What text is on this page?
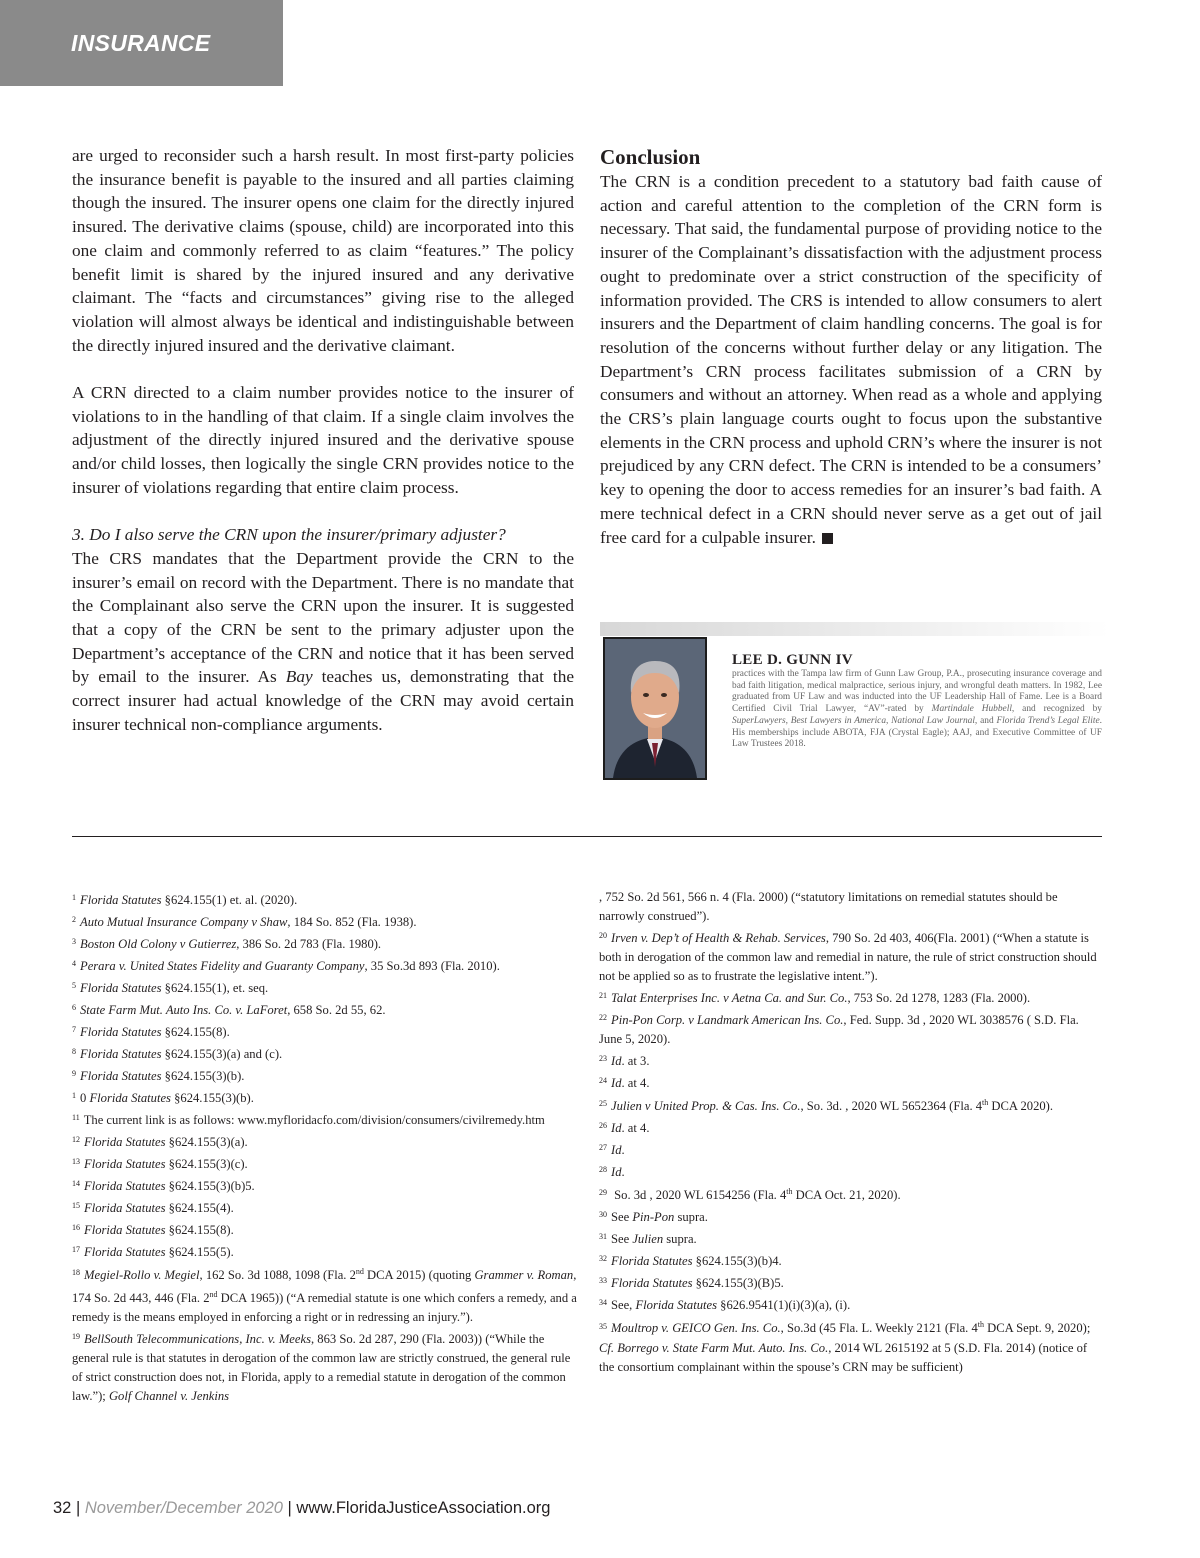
INSURANCE

are urged to reconsider such a harsh result. In most first-party policies the insurance benefit is payable to the insured and all parties claiming though the insured. The insurer opens one claim for the directly injured insured. The derivative claims (spouse, child) are incorporated into this one claim and commonly referred to as claim “features.” The policy benefit limit is shared by the injured insured and any derivative claimant. The “facts and circumstances” giving rise to the alleged violation will almost always be identical and indistinguishable between the directly injured insured and the derivative claimant.

A CRN directed to a claim number provides notice to the insurer of violations to in the handling of that claim. If a single claim involves the adjustment of the directly injured insured and the derivative spouse and/or child losses, then logically the single CRN provides notice to the insurer of violations regarding that entire claim process.

3. Do I also serve the CRN upon the insurer/primary adjuster?

The CRS mandates that the Department provide the CRN to the insurer’s email on record with the Department. There is no mandate that the Complainant also serve the CRN upon the insurer. It is suggested that a copy of the CRN be sent to the primary adjuster upon the Department’s acceptance of the CRN and notice that it has been served by email to the insurer. As Bay teaches us, demonstrating that the correct insurer had actual knowledge of the CRN may avoid certain insurer technical non-compliance arguments.

Conclusion

The CRN is a condition precedent to a statutory bad faith cause of action and careful attention to the completion of the CRN form is necessary. That said, the fundamental purpose of providing notice to the insurer of the Complainant’s dissatisfaction with the adjustment process ought to predominate over a strict construction of the specificity of information provided. The CRS is intended to allow consumers to alert insurers and the Department of claim handling concerns. The goal is for resolution of the concerns without further delay or any litigation. The Department’s CRN process facilitates submission of a CRN by consumers and without an attorney. When read as a whole and applying the CRS’s plain language courts ought to focus upon the substantive elements in the CRN process and uphold CRN’s where the insurer is not prejudiced by any CRN defect. The CRN is intended to be a consumers’ key to opening the door to access remedies for an insurer’s bad faith. A mere technical defect in a CRN should never serve as a get out of jail free card for a culpable insurer.

LEE D. GUNN IV
practices with the Tampa law firm of Gunn Law Group, P.A., prosecuting insurance coverage and bad faith litigation, medical malpractice, serious injury, and wrongful death matters. In 1982, Lee graduated from UF Law and was inducted into the UF Leadership Hall of Fame. Lee is a Board Certified Civil Trial Lawyer, “AV”-rated by Martindale Hubbell, and recognized by SuperLawyers, Best Lawyers in America, National Law Journal, and Florida Trend’s Legal Elite. His memberships include ABOTA, FJA (Crystal Eagle); AAJ, and Executive Committee of UF Law Trustees 2018.
$^1$ Florida Statutes §624.155(1) et. al. (2020).
$^2$ Auto Mutual Insurance Company v Shaw, 184 So. 852 (Fla. 1938).
$^3$ Boston Old Colony v Gutierrez, 386 So. 2d 783 (Fla. 1980).
$^4$ Perara v. United States Fidelity and Guaranty Company, 35 So.3d 893 (Fla. 2010).
$^5$ Florida Statutes §624.155(1), et. seq.
$^6$ State Farm Mut. Auto Ins. Co. v. LaForet, 658 So. 2d 55, 62.
$^7$ Florida Statutes §624.155(8).
$^8$ Florida Statutes §624.155(3)(a) and (c).
$^9$ Florida Statutes §624.155(3)(b).
$^1$ 0 Florida Statutes §624.155(3)(b).
$^{11}$ The current link is as follows: www.myfloridacfo.com/division/consumers/civilremedy.htm
$^{12}$ Florida Statutes §624.155(3)(a).
$^{13}$ Florida Statutes §624.155(3)(c).
$^{14}$ Florida Statutes §624.155(3)(b)5.
$^{15}$ Florida Statutes §624.155(4).
$^{16}$ Florida Statutes §624.155(8).
$^{17}$ Florida Statutes §624.155(5).
$^{18}$ Megiel-Rollo v. Megiel, 162 So. 3d 1088, 1098 (Fla. 2nd DCA 2015) (quoting Grammer v. Roman, 174 So. 2d 443, 446 (Fla. 2nd DCA 1965)) (“A remedial statute is one which confers a remedy, and a remedy is the means employed in enforcing a right or in redressing an injury.”).
$^{19}$ BellSouth Telecommunications, Inc. v. Meeks, 863 So. 2d 287, 290 (Fla. 2003)) (“While the general rule is that statutes in derogation of the common law are strictly construed, the general rule of strict construction does not, in Florida, apply to a remedial statute in derogation of the common law.”); Golf Channel v. Jenkins
, 752 So. 2d 561, 566 n. 4 (Fla. 2000) (“statutory limitations on remedial statutes should be narrowly construed”).
$^{20}$ Irven v. Dep’t of Health & Rehab. Services, 790 So. 2d 403, 406(Fla. 2001) (“When a statute is both in derogation of the common law and remedial in nature, the rule of strict construction should not be applied so as to frustrate the legislative intent.”).
$^{21}$ Talat Enterprises Inc. v Aetna Ca. and Sur. Co., 753 So. 2d 1278, 1283 (Fla. 2000).
$^{22}$ Pin-Pon Corp. v Landmark American Ins. Co., Fed. Supp. 3d , 2020 WL 3038576 ( S.D. Fla. June 5, 2020).
$^{23}$ Id. at 3.
$^{24}$ Id. at 4.
$^{25}$ Julien v United Prop. & Cas. Ins. Co., So. 3d. , 2020 WL 5652364 (Fla. 4th DCA 2020).
$^{26}$ Id. at 4.
$^{27}$ Id.
$^{28}$ Id.
$^{29}$ So. 3d , 2020 WL 6154256 (Fla. 4th DCA Oct. 21, 2020).
$^{30}$ See Pin-Pon supra.
$^{31}$ See Julien supra.
$^{32}$ Florida Statutes §624.155(3)(b)4.
$^{33}$ Florida Statutes §624.155(3)(B)5.
$^{34}$ See, Florida Statutes §626.9541(1)(i)(3)(a), (i).
$^{35}$ Moultrop v. GEICO Gen. Ins. Co., So.3d (45 Fla. L. Weekly 2121 (Fla. 4th DCA Sept. 9, 2020); Cf. Borrego v. State Farm Mut. Auto. Ins. Co., 2014 WL 2615192 at 5 (S.D. Fla. 2014) (notice of the consortium complainant within the spouse’s CRN may be sufficient)
32 | November/December 2020 | www.FloridaJusticeAssociation.org
